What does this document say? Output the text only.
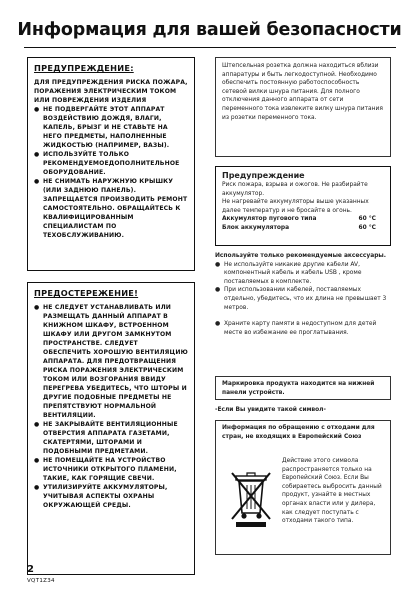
Информация для вашей безопасности
ПРЕДУПРЕЖДЕНИЕ:

ДЛЯ ПРЕДУПРЕЖДЕНИЯ РИСКА ПОЖАРА, ПОРАЖЕНИЯ ЭЛЕКТРИЧЕСКИМ ТОКОМ ИЛИ ПОВРЕЖДЕНИЯ ИЗДЕЛИЯ

● НЕ ПОДВЕРГАЙТЕ ЭТОТ АППАРАТ ВОЗДЕЙСТВИЮ ДОЖДЯ, ВЛАГИ, КАПЕЛЬ, БРЫЗГ И НЕ СТАВЬТЕ НА НЕГО ПРЕДМЕТЫ, НАПОЛНЕННЫЕ ЖИДКОСТЬЮ (НАПРИМЕР, ВАЗЫ).
● ИСПОЛЬЗУЙТЕ ТОЛЬКО РЕКОМЕНДУЕМОЕДОПОЛНИТЕЛЬНОЕ ОБОРУДОВАНИЕ.
● НЕ СНИМАТЬ НАРУЖНУЮ КРЫШКУ (ИЛИ ЗАДНЮЮ ПАНЕЛЬ). ЗАПРЕЩАЕТСЯ ПРОИЗВОДИТЬ РЕМОНТ САМОСТОЯТЕЛЬНО. ОБРАЩАЙТЕСЬ К КВАЛИФИЦИРОВАННЫМ СПЕЦИАЛИСТАМ ПО ТЕХОБСЛУЖИВАНИЮ.
ПРЕДОСТЕРЕЖЕНИЕ!
● НЕ СЛЕДУЕТ УСТАНАВЛИВАТЬ ИЛИ РАЗМЕЩАТЬ ДАННЫЙ АППАРАТ В КНИЖНОМ ШКАФУ, ВСТРОЕННОМ ШКАФУ ИЛИ ДРУГОМ ЗАМКНУТОМ ПРОСТРАНСТВЕ. СЛЕДУЕТ ОБЕСПЕЧИТЬ ХОРОШУЮ ВЕНТИЛЯЦИЮ АППАРАТА. ДЛЯ ПРЕДОТВРАЩЕНИЯ РИСКА ПОРАЖЕНИЯ ЭЛЕКТРИЧЕСКИМ ТОКОМ ИЛИ ВОЗГОРАНИЯ ВВИДУ ПЕРЕГРЕВА УБЕДИТЕСЬ, ЧТО ШТОРЫ И ДРУГИЕ ПОДОБНЫЕ ПРЕДМЕТЫ НЕ ПРЕПЯТСТВУЮТ НОРМАЛЬНОЙ ВЕНТИЛЯЦИИ.
● НЕ ЗАКРЫВАЙТЕ ВЕНТИЛЯЦИОННЫЕ ОТВЕРСТИЯ АППАРАТА ГАЗЕТАМИ, СКАТЕРТЯМИ, ШТОРАМИ И ПОДОБНЫМИ ПРЕДМЕТАМИ.
● НЕ ПОМЕЩАЙТЕ НА УСТРОЙСТВО ИСТОЧНИКИ ОТКРЫТОГО ПЛАМЕНИ, ТАКИЕ, КАК ГОРЯЩИЕ СВЕЧИ.
● УТИЛИЗИРУЙТЕ АККУМУЛЯТОРЫ, УЧИТЫВАЯ АСПЕКТЫ ОХРАНЫ ОКРУЖАЮЩЕЙ СРЕДЫ.
Штепсельная розетка должна находиться вблизи аппаратуры и быть легкодоступной. Необходимо обеспечить постоянную работоспособность сетевой вилки шнура питания. Для полного отключения данного аппарата от сети переменного тока извлеките вилку шнура питания из розетки переменного тока.
Предупреждение
Риск пожара, взрыва и ожогов. Не разбирайте аккумулятор.
Не нагревайте аккумуляторы выше указанных далее температур и не бросайте в огонь.
Аккумулятор пугового типа	60 °C
Блок аккумулятора	60 °C
Используйте только рекомендуемые аксессуары.
● Не используйте никакие другие кабели AV, компонентный кабель и кабель USB , кроме поставляемых в комплекте.
● При использовании кабелей, поставляемых отдельно, убедитесь, что их длина не превышает 3 метров.
● Храните карту памяти в недоступном для детей месте во избежание ее проглатывания.
Маркировка продукта находится на нижней панели устройств.
-Если Вы увидите такой символ-
Информация по обращению с отходами для стран, не входящих в Европейский Союз
Действие этого символа распространяется только на Европейский Союз. Если Вы собираетесь выбросить данный продукт, узнайте в местных органах власти или у дилера, как следует поступать с отходами такого типа.
2
VQT1Z34
